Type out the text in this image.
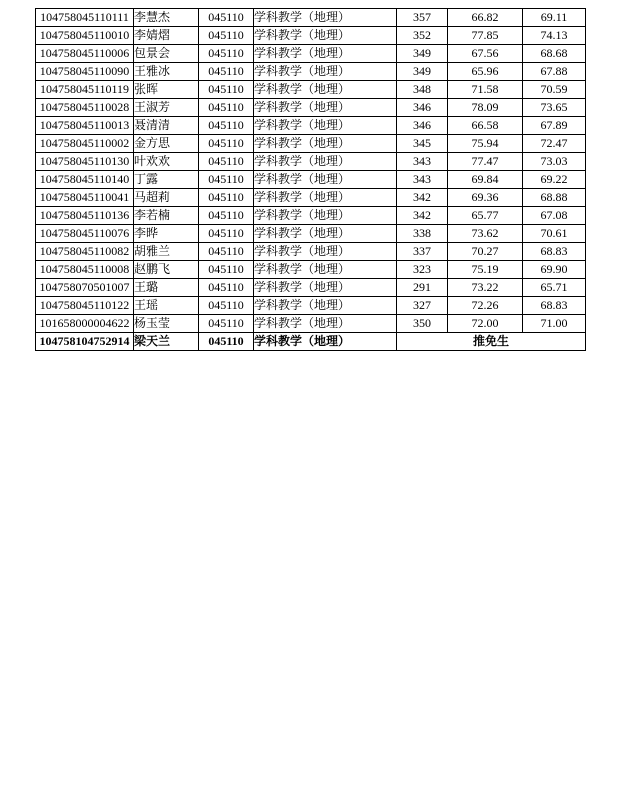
104758045110111	李慧杰	045110	学科教学（地理）	357	66.82	69.11
104758045110010	李婧熠	045110	学科教学（地理）	352	77.85	74.13
104758045110006	包景会	045110	学科教学（地理）	349	67.56	68.68
104758045110090	王雅冰	045110	学科教学（地理）	349	65.96	67.88
104758045110119	张晖	045110	学科教学（地理）	348	71.58	70.59
104758045110028	王淑芳	045110	学科教学（地理）	346	78.09	73.65
104758045110013	聂清清	045110	学科教学（地理）	346	66.58	67.89
104758045110002	金方思	045110	学科教学（地理）	345	75.94	72.47
104758045110130	叶欢欢	045110	学科教学（地理）	343	77.47	73.03
104758045110140	丁露	045110	学科教学（地理）	343	69.84	69.22
104758045110041	马超莉	045110	学科教学（地理）	342	69.36	68.88
104758045110136	李若楠	045110	学科教学（地理）	342	65.77	67.08
104758045110076	李晔	045110	学科教学（地理）	338	73.62	70.61
104758045110082	胡雅兰	045110	学科教学（地理）	337	70.27	68.83
104758045110008	赵鹏飞	045110	学科教学（地理）	323	75.19	69.90
104758070501007	王璐	045110	学科教学（地理）	291	73.22	65.71
104758045110122	王瑶	045110	学科教学（地理）	327	72.26	68.83
101658000004622	杨玉莹	045110	学科教学（地理）	350	72.00	71.00
104758104752914	梁天兰	045110	学科教学（地理）	推免生		
